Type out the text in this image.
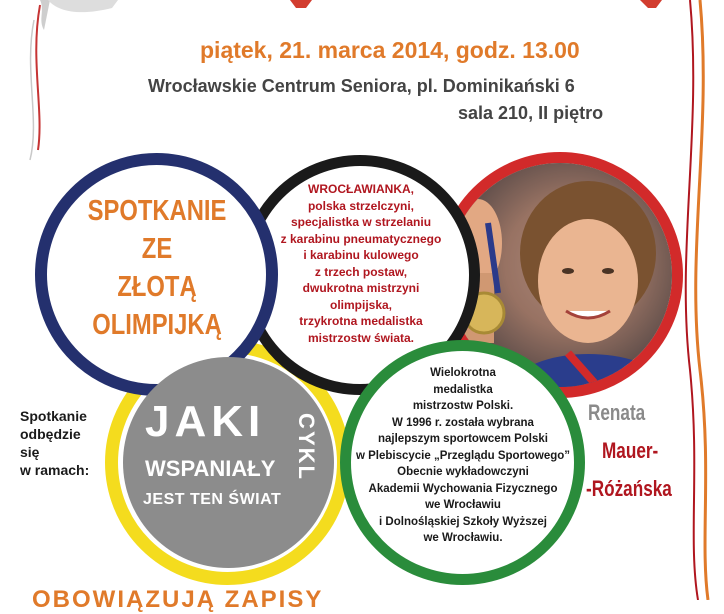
piątek, 21. marca 2014, godz. 13.00
Wrocławskie Centrum Seniora, pl. Dominikański 6
sala 210, II piętro
SPOTKANIE
ZE
ZŁOTĄ
OLIMPIJKĄ
WROCŁAWIANKA,
polska strzelczyni,
specjalistka w strzelaniu
z karabinu pneumatycznego
i karabinu kulowego
z trzech postaw,
dwukrotna mistrzyni
olimpijska,
trzykrotna medalistka
mistrzostw świata.
Wielokrotna
medalistka
mistrzostw Polski.
W 1996 r. została wybrana
najlepszym sportowcem Polski
w Plebiscycie „Przeglądu Sportowego”
Obecnie wykładowczyni
Akademii Wychowania Fizycznego
we Wrocławiu
i Dolnośląskiej Szkoły Wyższej
we Wrocławiu.
Spotkanie
odbędzie
się
w ramach:
JAKI
WSPANIAŁY
JEST TEN ŚWIAT
CYKL
Renata
Mauer-
-Różańska
OBOWIĄZUJĄ ZAPISY
